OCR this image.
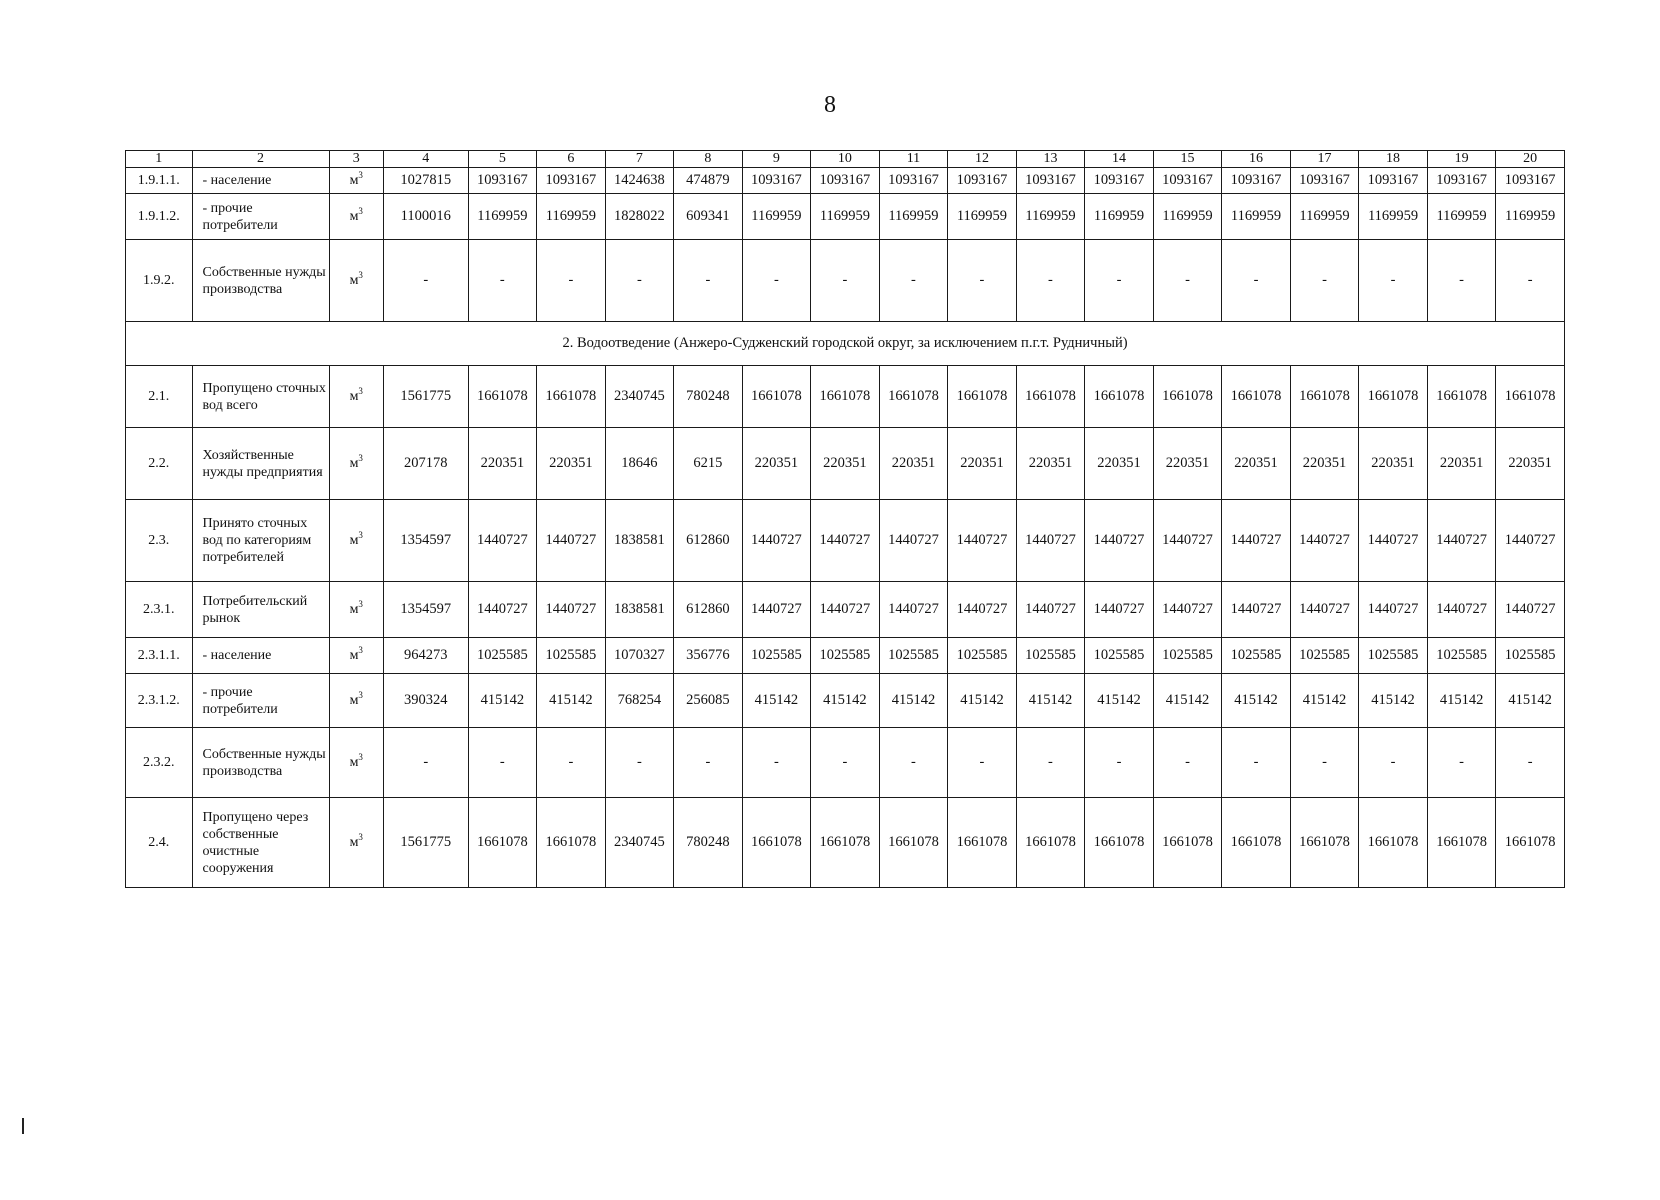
8
1	2	3	4	5	6	7	8	9	10	11	12	13	14	15	16	17	18	19	20
1.9.1.1.	- население	$м^3$	1027815	1093167	1093167	1424638	474879	1093167	1093167	1093167	1093167	1093167	1093167	1093167	1093167	1093167	1093167	1093167	1093167
1.9.1.2.	- прочие потребители	$м^3$	1100016	1169959	1169959	1828022	609341	1169959	1169959	1169959	1169959	1169959	1169959	1169959	1169959	1169959	1169959	1169959	1169959
1.9.2.	Собственные нужды производства	$м^3$	-	-	-	-	-	-	-	-	-	-	-	-	-	-	-	-	-
2. Водоотведение (Анжеро-Судженский городской округ, за исключением п.г.т. Рудничный)																			
2.1.	Пропущено сточных вод всего	$м^3$	1561775	1661078	1661078	2340745	780248	1661078	1661078	1661078	1661078	1661078	1661078	1661078	1661078	1661078	1661078	1661078	1661078
2.2.	Хозяйственные нужды предприятия	$м^3$	207178	220351	220351	18646	6215	220351	220351	220351	220351	220351	220351	220351	220351	220351	220351	220351	220351
2.3.	Принято сточных вод по категориям потребителей	$м^3$	1354597	1440727	1440727	1838581	612860	1440727	1440727	1440727	1440727	1440727	1440727	1440727	1440727	1440727	1440727	1440727	1440727
2.3.1.	Потребительский рынок	$м^3$	1354597	1440727	1440727	1838581	612860	1440727	1440727	1440727	1440727	1440727	1440727	1440727	1440727	1440727	1440727	1440727	1440727
2.3.1.1.	- население	$м^3$	964273	1025585	1025585	1070327	356776	1025585	1025585	1025585	1025585	1025585	1025585	1025585	1025585	1025585	1025585	1025585	1025585
2.3.1.2.	- прочие потребители	$м^3$	390324	415142	415142	768254	256085	415142	415142	415142	415142	415142	415142	415142	415142	415142	415142	415142	415142
2.3.2.	Собственные нужды производства	$м^3$	-	-	-	-	-	-	-	-	-	-	-	-	-	-	-	-	-
2.4.	Пропущено через собственные очистные сооружения	$м^3$	1561775	1661078	1661078	2340745	780248	1661078	1661078	1661078	1661078	1661078	1661078	1661078	1661078	1661078	1661078	1661078	1661078
